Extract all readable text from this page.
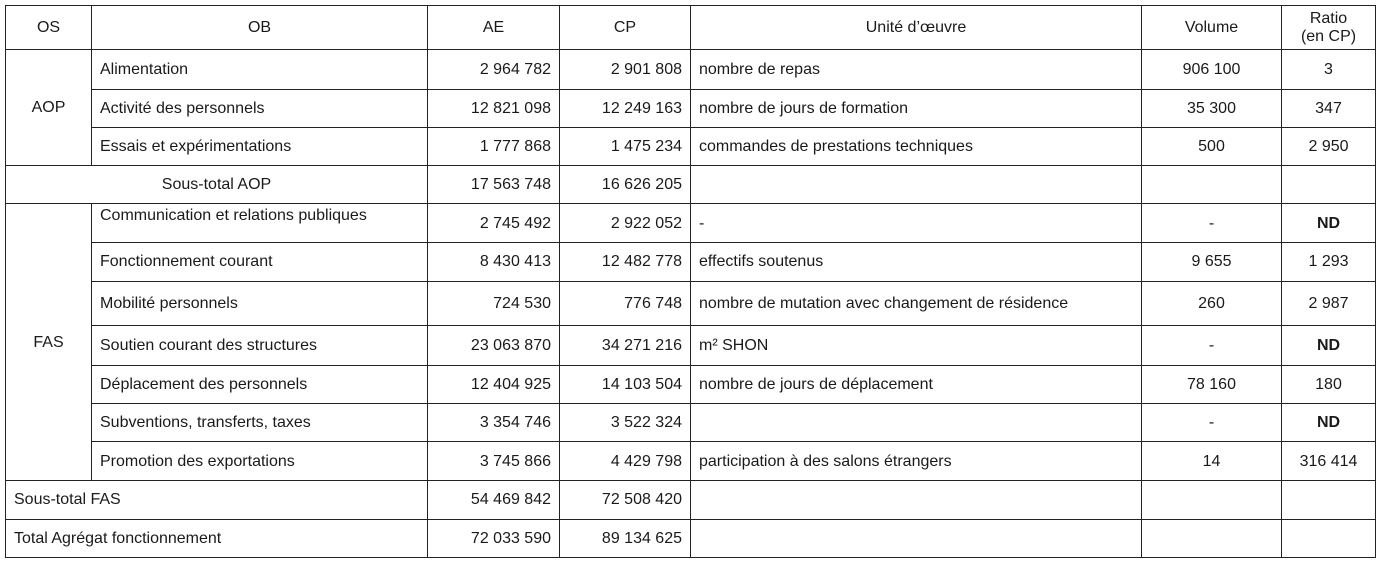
OS	OB	AE	CP	Unité d’œuvre	Volume	Ratio
(en CP)
AOP	Alimentation	2 964 782	2 901 808	nombre de repas	906 100	3
	Activité des personnels	12 821 098	12 249 163	nombre de jours de formation	35 300	347
	Essais et expérimentations	1 777 868	1 475 234	commandes de prestations techniques	500	2 950
Sous-total AOP		17 563 748	16 626 205			
FAS	Communication et relations publiques	2 745 492	2 922 052	-	-	ND
	Fonctionnement courant	8 430 413	12 482 778	effectifs soutenus	9 655	1 293
	Mobilité personnels	724 530	776 748	nombre de mutation avec changement de résidence	260	2 987
	Soutien courant des structures	23 063 870	34 271 216	m² SHON	-	ND
	Déplacement des personnels	12 404 925	14 103 504	nombre de jours de déplacement	78 160	180
	Subventions, transferts, taxes	3 354 746	3 522 324		-	ND
	Promotion des exportations	3 745 866	4 429 798	participation à des salons étrangers	14	316 414
Sous-total FAS		54 469 842	72 508 420			
Total Agrégat fonctionnement		72 033 590	89 134 625			
